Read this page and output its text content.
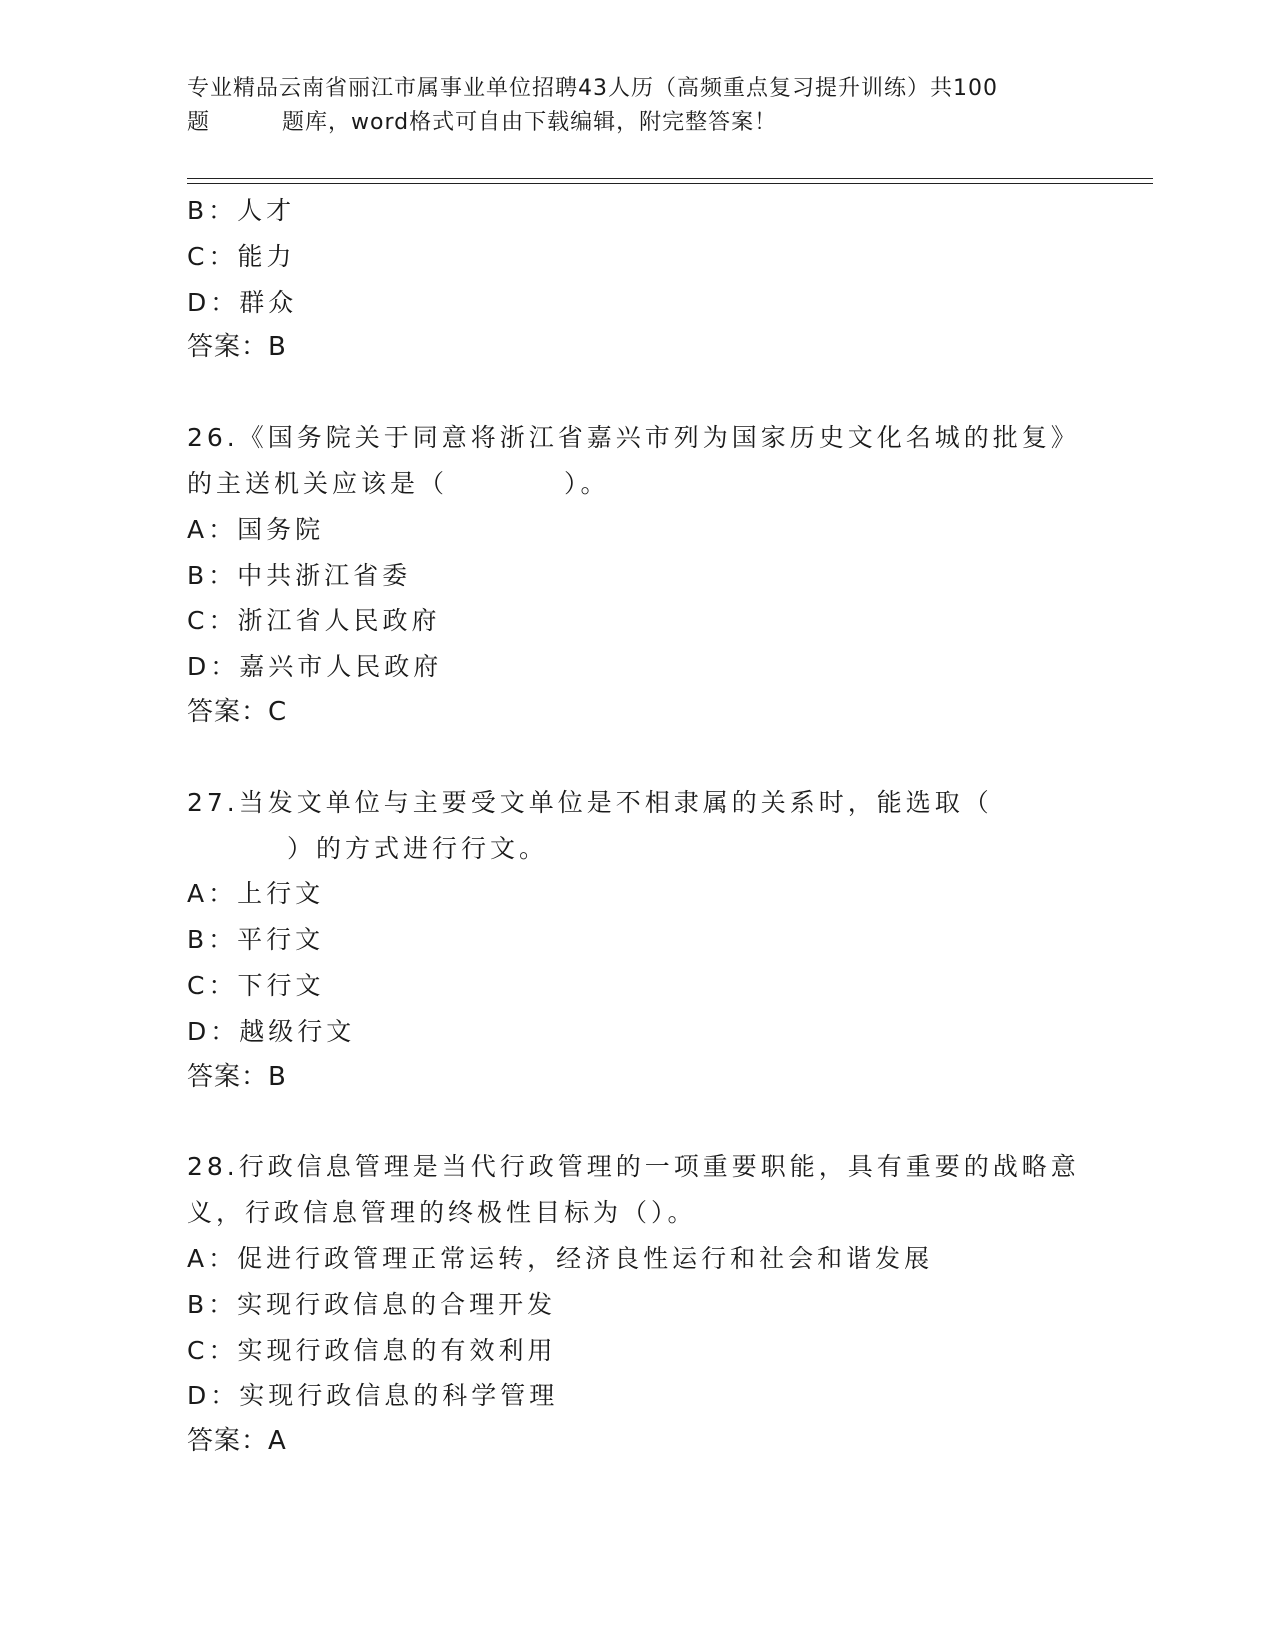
专业精品云南省丽江市属事业单位招聘43人历（高频重点复习提升训练）共100
题	题库，word格式可自由下载编辑，附完整答案！
B：人才
C：能力
D：群众
答案：B
26.《国务院关于同意将浙江省嘉兴市列为国家历史文化名城的批复》
的主送机关应该是（　　　　）。
A：国务院
B：中共浙江省委
C：浙江省人民政府
D：嘉兴市人民政府
答案：C
27.当发文单位与主要受文单位是不相隶属的关系时，能选取（
）的方式进行行文。
A：上行文
B：平行文
C：下行文
D：越级行文
答案：B
28.行政信息管理是当代行政管理的一项重要职能，具有重要的战略意
义，行政信息管理的终极性目标为（）。
A：促进行政管理正常运转，经济良性运行和社会和谐发展
B：实现行政信息的合理开发
C：实现行政信息的有效利用
D：实现行政信息的科学管理
答案：A
